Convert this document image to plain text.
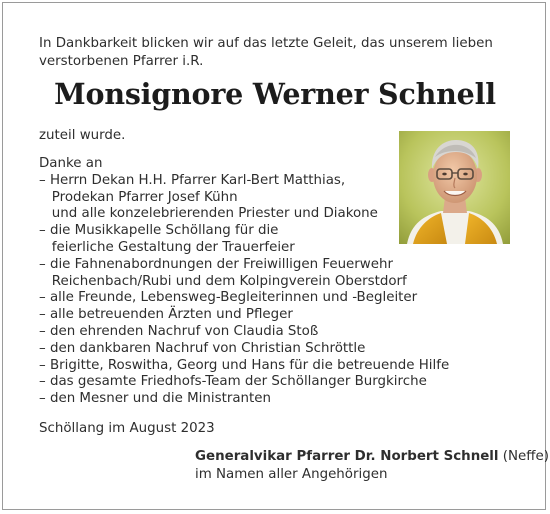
In Dankbarkeit blicken wir auf das letzte Geleit, das unserem lieben
verstorbenen Pfarrer i.R.
Monsignore Werner Schnell
zuteil wurde.
Danke an
– Herrn Dekan H.H. Pfarrer Karl-Bert Matthias,
Prodekan Pfarrer Josef Kühn
und alle konzelebrierenden Priester und Diakone
– die Musikkapelle Schöllang für die
feierliche Gestaltung der Trauerfeier
– die Fahnenabordnungen der Freiwilligen Feuerwehr
Reichenbach/Rubi und dem Kolpingverein Oberstdorf
– alle Freunde, Lebensweg-Begleiterinnen und -Begleiter
– alle betreuenden Ärzten und Pfleger
– den ehrenden Nachruf von Claudia Stoß
– den dankbaren Nachruf von Christian Schröttle
– Brigitte, Roswitha, Georg und Hans für die betreuende Hilfe
– das gesamte Friedhofs-Team der Schöllanger Burgkirche
– den Mesner und die Ministranten
Schöllang im August 2023
Generalvikar Pfarrer Dr. Norbert Schnell (Neffe)
im Namen aller Angehörigen
